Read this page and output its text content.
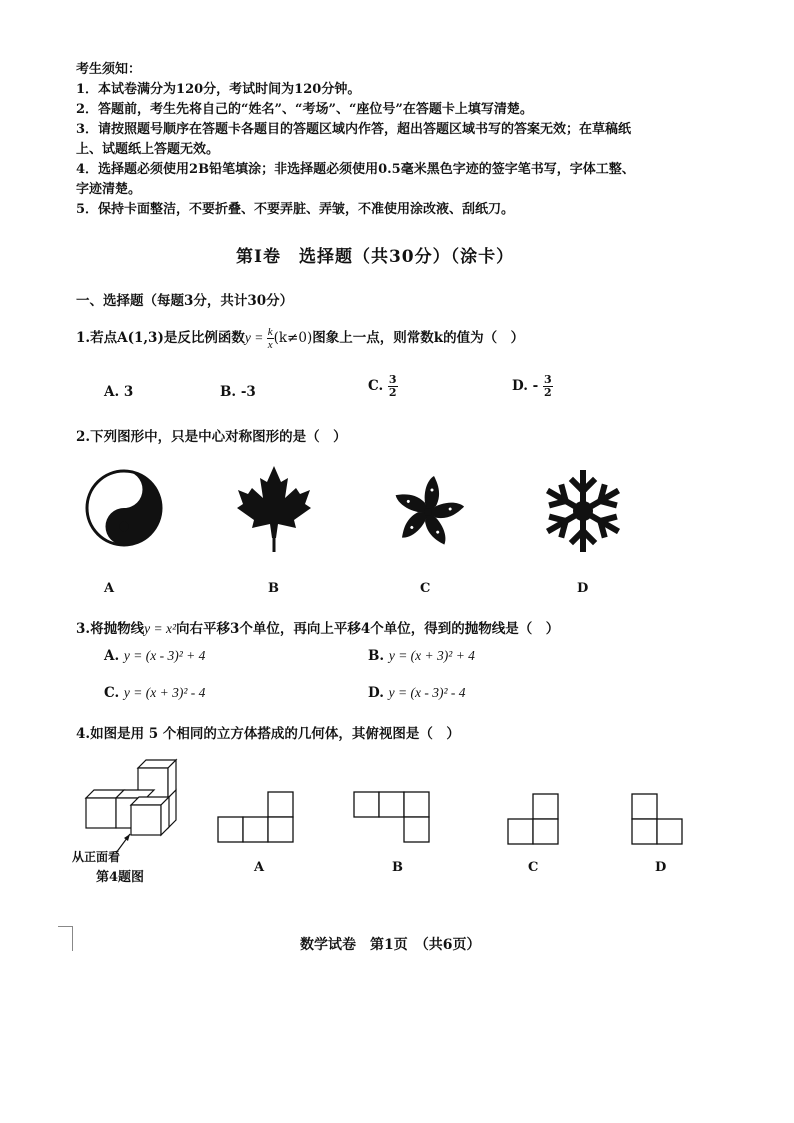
考生须知：
1．本试卷满分为120分，考试时间为120分钟。
2．答题前，考生先将自己的“姓名”、“考场”、“座位号”在答题卡上填写清楚。
3．请按照题号顺序在答题卡各题目的答题区域内作答，超出答题区域书写的答案无效；在草稿纸
上、试题纸上答题无效。
4．选择题必须使用2B铅笔填涂；非选择题必须使用0.5毫米黑色字迹的签字笔书写，字体工整、
字迹清楚。
5．保持卡面整洁，不要折叠、不要弄脏、弄皱，不准使用涂改液、刮纸刀。
第Ⅰ卷　选择题（共30分）（涂卡）
一、选择题（每题3分，共计30分）
1.若点A(1,3)是反比例函数$y = \frac{k}{x} (k\ne 0)$图象上一点，则常数k的值为（　）
A. 3	B. -3	C. $\frac{3}{2}$	D. - $\frac{3}{2}$
2.下列图形中，只是中心对称图形的是（　）
A	B	C	D
3.将抛物线y = x²向右平移3个单位，再向上平移4个单位，得到的抛物线是（　）
A. y = (x - 3)² + 4	B. y = (x + 3)² + 4
C. y = (x + 3)² - 4	D. y = (x - 3)² - 4
4.如图是用 5 个相同的立方体搭成的几何体，其俯视图是（　）
从正面看
第4题图
A	B	C	D
数学试卷　第1页　（共6页）
